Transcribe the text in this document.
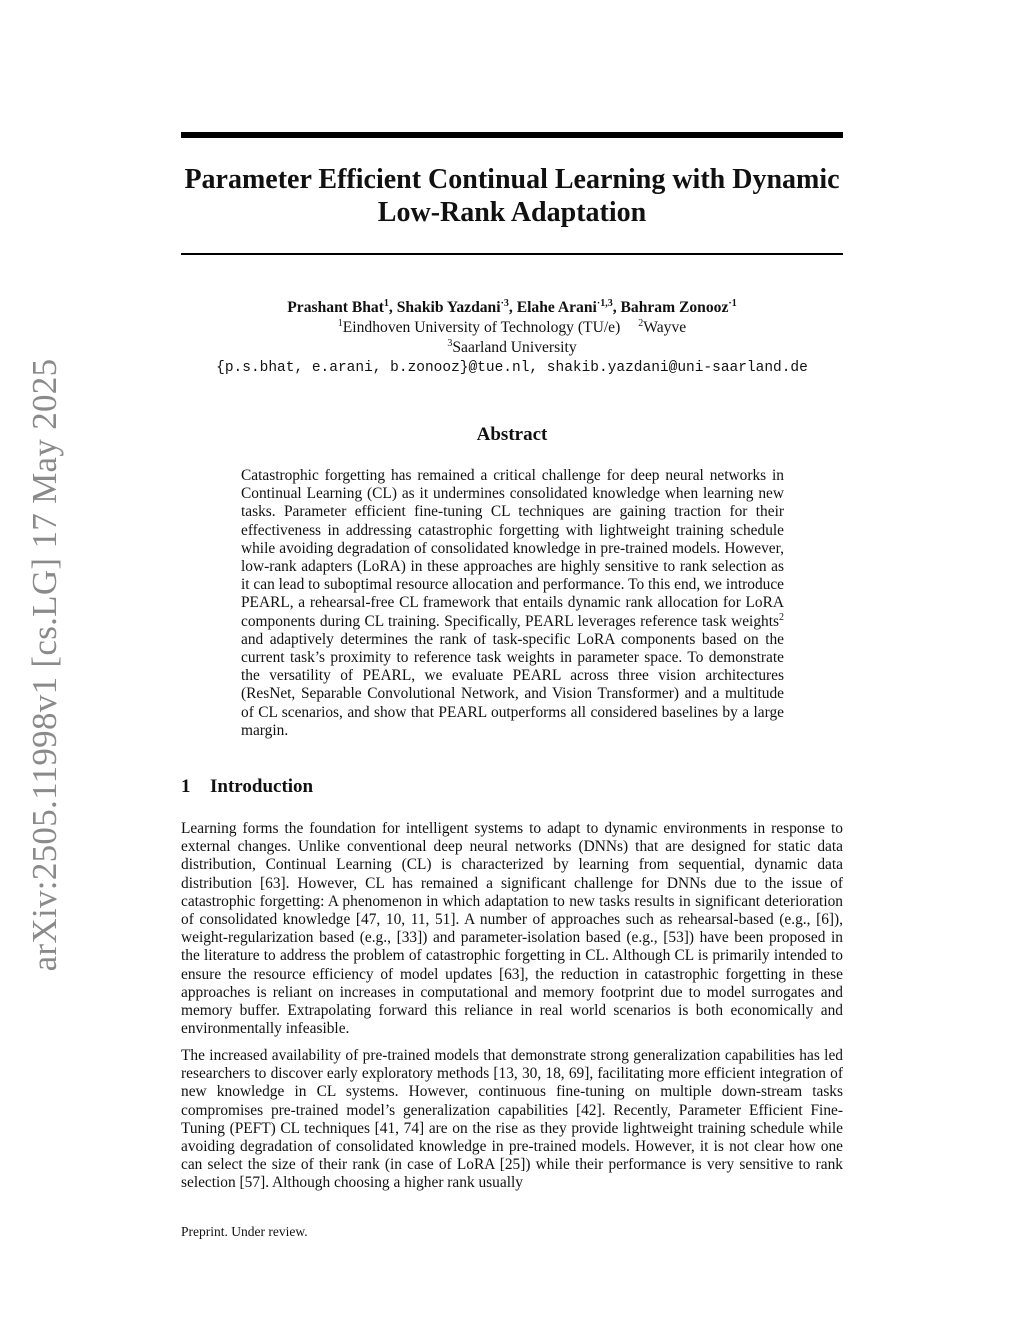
arXiv:2505.11998v1 [cs.LG] 17 May 2025
Parameter Efficient Continual Learning with Dynamic
Low-Rank Adaptation
Prashant Bhat$^1$, Shakib Yazdani$^{\cdot 3}$, Elahe Arani$^{\cdot 1,3}$, Bahram Zonooz$^{\cdot 1}$
$^1$Eindhoven University of Technology (TU/e) $^2$Wayve
$^3$Saarland University
{p.s.bhat, e.arani, b.zonooz}@tue.nl, shakib.yazdani@uni-saarland.de
Abstract

Catastrophic forgetting has remained a critical challenge for deep neural networks in Continual Learning (CL) as it undermines consolidated knowledge when learning new tasks. Parameter efficient fine-tuning CL techniques are gaining traction for their effectiveness in addressing catastrophic forgetting with lightweight training schedule while avoiding degradation of consolidated knowledge in pre-trained models. However, low-rank adapters (LoRA) in these approaches are highly sensitive to rank selection as it can lead to suboptimal resource allocation and performance. To this end, we introduce PEARL, a rehearsal-free CL framework that entails dynamic rank allocation for LoRA components during CL training. Specifically, PEARL leverages reference task weights$^2$ and adaptively determines the rank of task-specific LoRA components based on the current task’s proximity to reference task weights in parameter space. To demonstrate the versatility of PEARL, we evaluate PEARL across three vision architectures (ResNet, Separable Convolutional Network, and Vision Transformer) and a multitude of CL scenarios, and show that PEARL outperforms all considered baselines by a large margin.

1 Introduction

Learning forms the foundation for intelligent systems to adapt to dynamic environments in response to external changes. Unlike conventional deep neural networks (DNNs) that are designed for static data distribution, Continual Learning (CL) is characterized by learning from sequential, dynamic data distribution [63]. However, CL has remained a significant challenge for DNNs due to the issue of catastrophic forgetting: A phenomenon in which adaptation to new tasks results in significant deterioration of consolidated knowledge [47, 10, 11, 51]. A number of approaches such as rehearsal-based (e.g., [6]), weight-regularization based (e.g., [33]) and parameter-isolation based (e.g., [53]) have been proposed in the literature to address the problem of catastrophic forgetting in CL. Although CL is primarily intended to ensure the resource efficiency of model updates [63], the reduction in catastrophic forgetting in these approaches is reliant on increases in computational and memory footprint due to model surrogates and memory buffer. Extrapolating forward this reliance in real world scenarios is both economically and environmentally infeasible.

The increased availability of pre-trained models that demonstrate strong generalization capabilities has led researchers to discover early exploratory methods [13, 30, 18, 69], facilitating more efficient integration of new knowledge in CL systems. However, continuous fine-tuning on multiple down-stream tasks compromises pre-trained model’s generalization capabilities [42]. Recently, Parameter Efficient Fine-Tuning (PEFT) CL techniques [41, 74] are on the rise as they provide lightweight training schedule while avoiding degradation of consolidated knowledge in pre-trained models. However, it is not clear how one can select the size of their rank (in case of LoRA [25]) while their performance is very sensitive to rank selection [57]. Although choosing a higher rank usually

Preprint. Under review.
